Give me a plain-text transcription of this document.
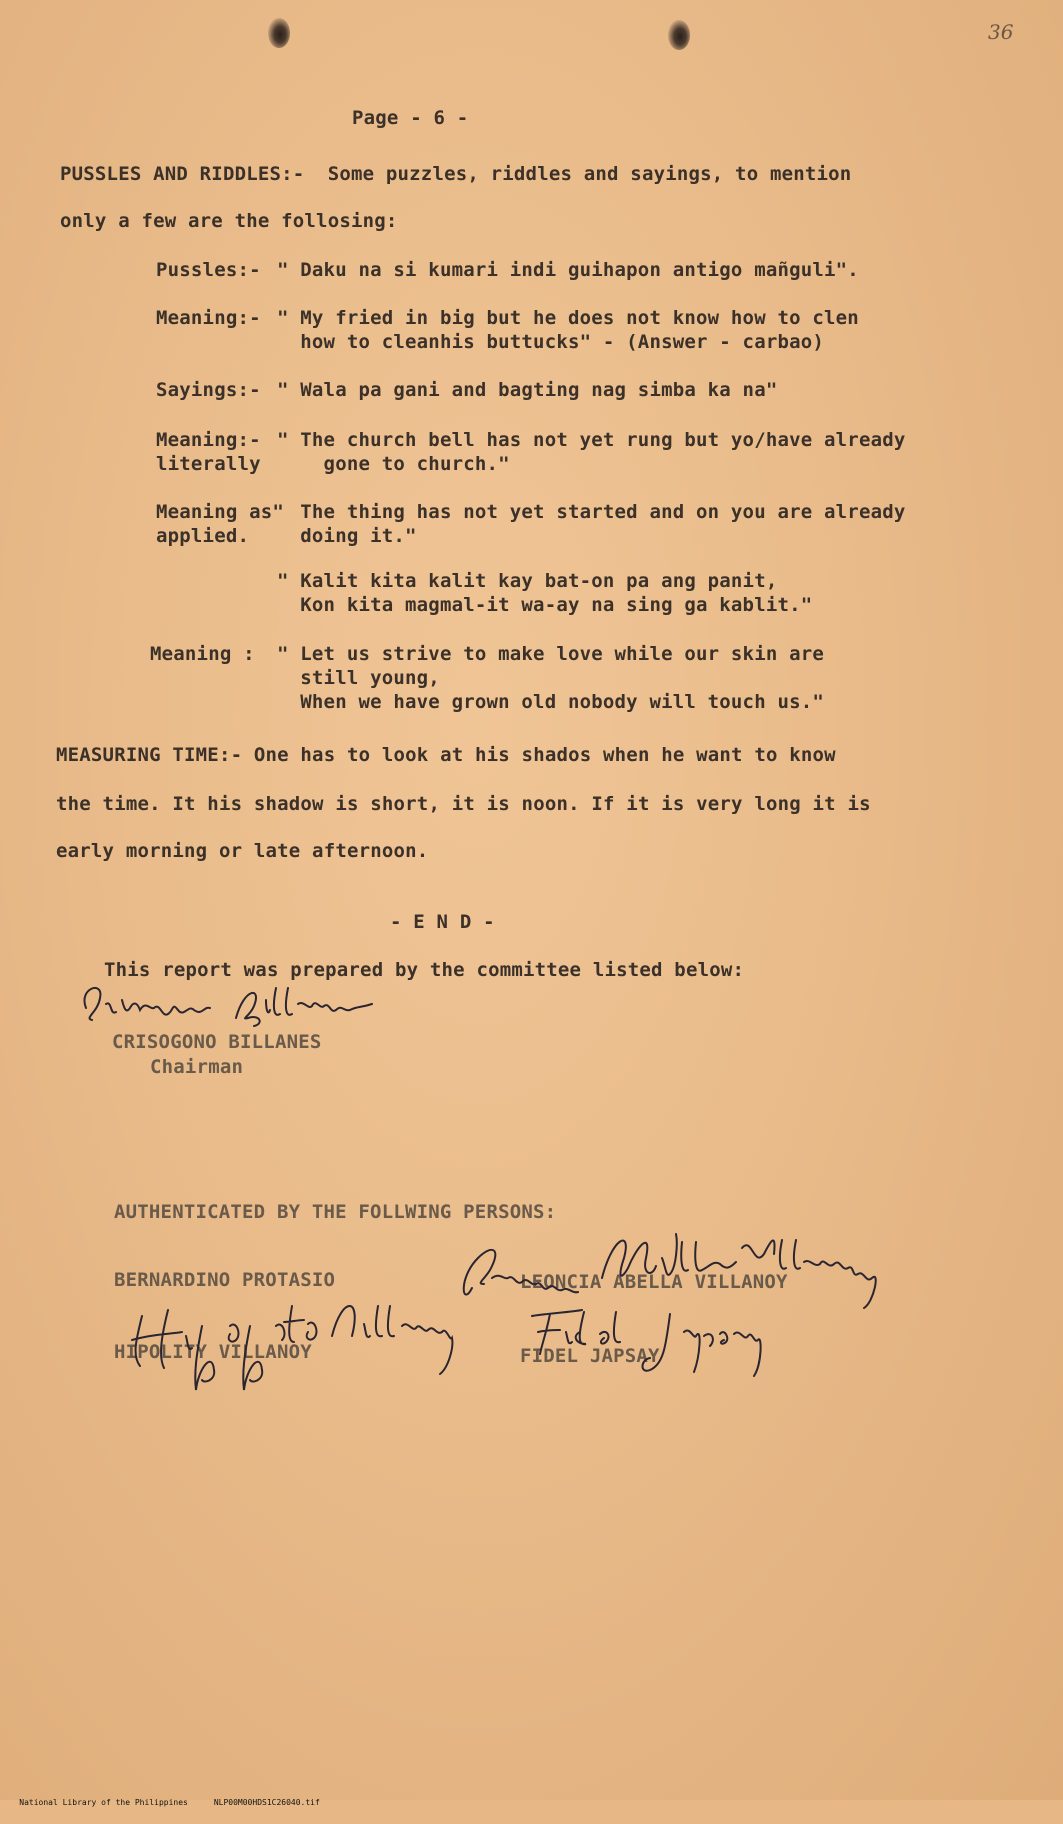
36
Page - 6 -
PUSSLES AND RIDDLES:-  Some puzzles, riddles and sayings, to mention
only a few are the follosing:
Pussles:- " Daku na si kumari indi guihapon antigo mañguli".
Meaning:- " My fried in big but he does not know how to clen
how to cleanhis buttucks" - (Answer - carbao)
Sayings:- " Wala pa gani and bagting nag simba ka na"
Meaning:-
literally
" The church bell has not yet rung but yo/have already
gone to church."
Meaning as"
applied.
The thing has not yet started and on you are already
doing it."
" Kalit kita kalit kay bat-on pa ang panit,
Kon kita magmal-it wa-ay na sing ga kablit."
Meaning : " Let us strive to make love while our skin are
still young,
When we have grown old nobody will touch us."
MEASURING TIME:- One has to look at his shados when he want to know
the time. It his shadow is short, it is noon. If it is very long it is
early morning or late afternoon.
- E N D -
This report was prepared by the committee listed below:
CRISOGONO BILLANES
Chairman
AUTHENTICATED BY THE FOLLWING PERSONS:
BERNARDINO PROTASIO
HIPOLITY VILLANOY
LEONCIA ABELLA VILLANOY
FIDEL JAPSAY

National Library of the Philippines	NLP00M00HDS1C26040.tif
